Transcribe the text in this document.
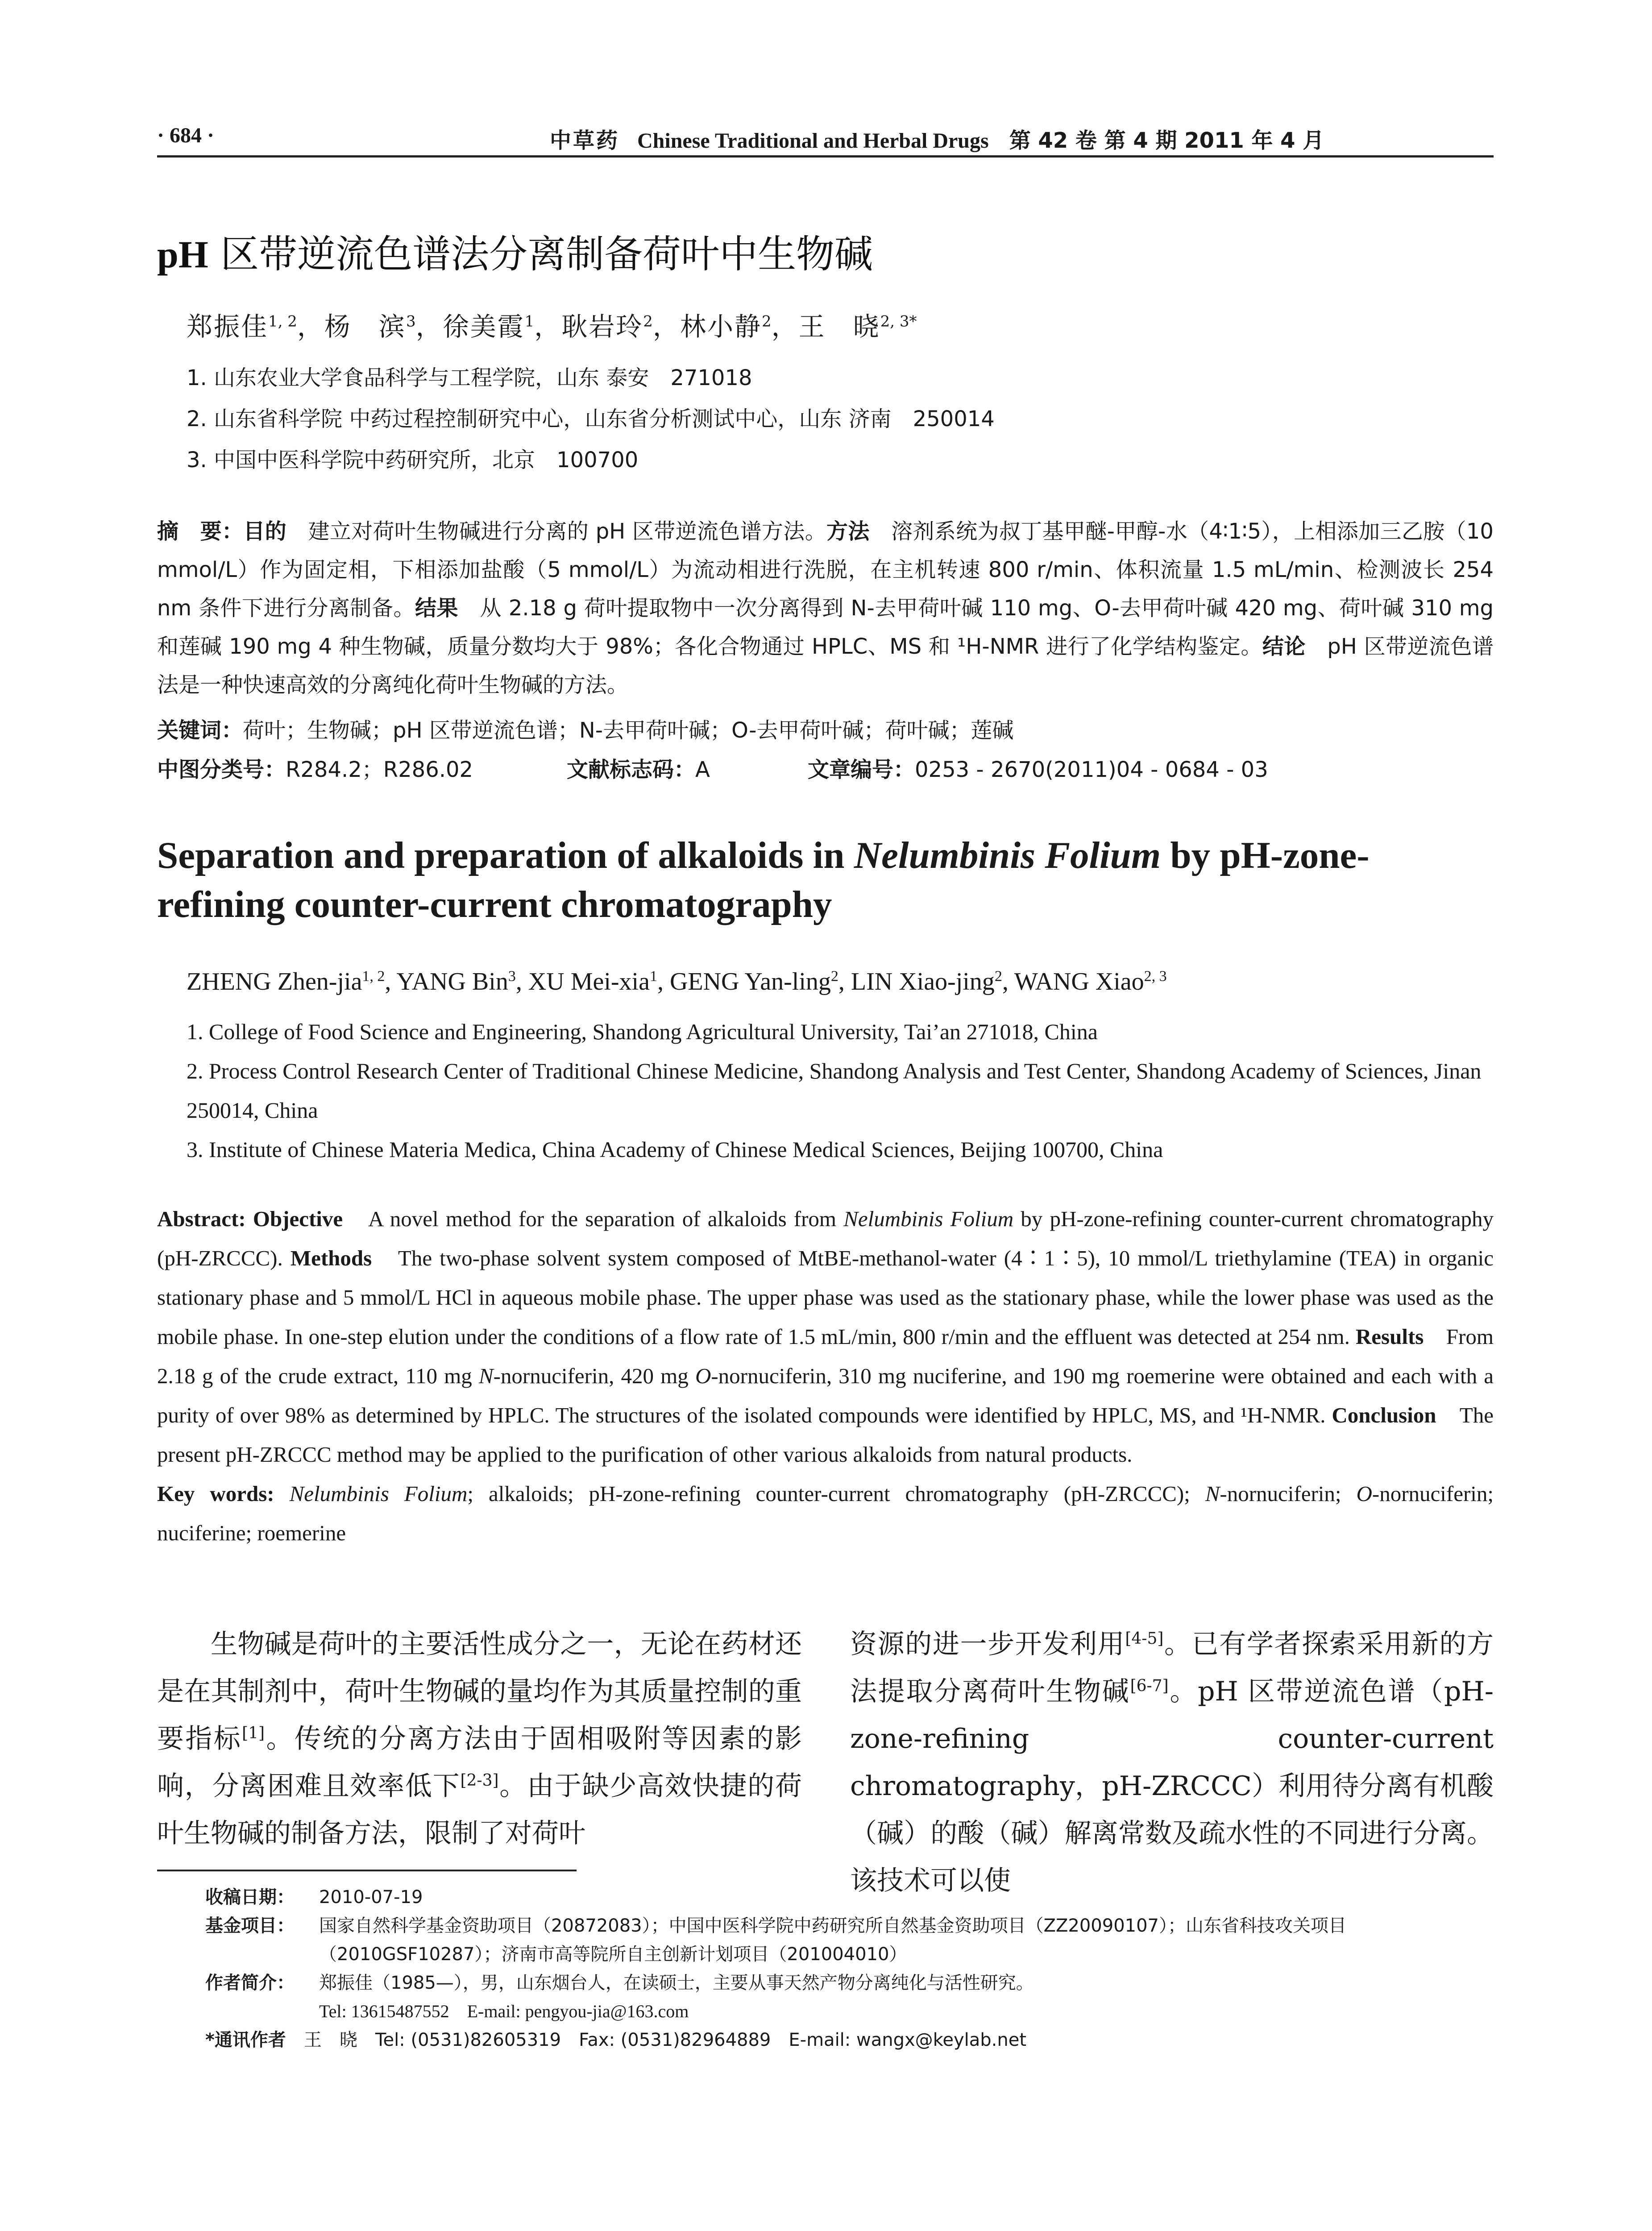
· 684 ·	中草药 Chinese Traditional and Herbal Drugs 第 42 卷 第 4 期 2011 年 4 月
pH 区带逆流色谱法分离制备荷叶中生物碱
郑振佳$^{1, 2}$，杨　滨$^3$，徐美霞$^1$，耿岩玲$^2$，林小静$^2$，王　晓$^{2, 3*}$
1. 山东农业大学食品科学与工程学院，山东 泰安　271018
2. 山东省科学院 中药过程控制研究中心，山东省分析测试中心，山东 济南　250014
3. 中国中医科学院中药研究所，北京　100700
摘　要：目的　建立对荷叶生物碱进行分离的 pH 区带逆流色谱方法。方法　溶剂系统为叔丁基甲醚-甲醇-水（4∶1∶5），上相添加三乙胺（10 mmol/L）作为固定相，下相添加盐酸（5 mmol/L）为流动相进行洗脱，在主机转速 800 r/min、体积流量 1.5 mL/min、检测波长 254 nm 条件下进行分离制备。结果　从 2.18 g 荷叶提取物中一次分离得到 N-去甲荷叶碱 110 mg、O-去甲荷叶碱 420 mg、荷叶碱 310 mg 和莲碱 190 mg 4 种生物碱，质量分数均大于 98%；各化合物通过 HPLC、MS 和 ¹H-NMR 进行了化学结构鉴定。结论　pH 区带逆流色谱法是一种快速高效的分离纯化荷叶生物碱的方法。
关键词：荷叶；生物碱；pH 区带逆流色谱；N-去甲荷叶碱；O-去甲荷叶碱；荷叶碱；莲碱
中图分类号：R284.2；R286.02	文献标志码：A	文章编号：0253 - 2670(2011)04 - 0684 - 03
Separation and preparation of alkaloids in Nelumbinis Folium by pH-zone-refining counter-current chromatography
ZHENG Zhen-jia$^{1, 2}$, YANG Bin$^3$, XU Mei-xia$^1$, GENG Yan-ling$^2$, LIN Xiao-jing$^2$, WANG Xiao$^{2, 3}$
1. College of Food Science and Engineering, Shandong Agricultural University, Tai’an 271018, China
2. Process Control Research Center of Traditional Chinese Medicine, Shandong Analysis and Test Center, Shandong Academy of Sciences, Jinan 250014, China
3. Institute of Chinese Materia Medica, China Academy of Chinese Medical Sciences, Beijing 100700, China
Abstract: Objective　A novel method for the separation of alkaloids from Nelumbinis Folium by pH-zone-refining counter-current chromatography (pH-ZRCCC). Methods　The two-phase solvent system composed of MtBE-methanol-water (4∶1∶5), 10 mmol/L triethylamine (TEA) in organic stationary phase and 5 mmol/L HCl in aqueous mobile phase. The upper phase was used as the stationary phase, while the lower phase was used as the mobile phase. In one-step elution under the conditions of a flow rate of 1.5 mL/min, 800 r/min and the effluent was detected at 254 nm. Results　From 2.18 g of the crude extract, 110 mg N-nornuciferin, 420 mg O-nornuciferin, 310 mg nuciferine, and 190 mg roemerine were obtained and each with a purity of over 98% as determined by HPLC. The structures of the isolated compounds were identified by HPLC, MS, and ¹H-NMR. Conclusion　The present pH-ZRCCC method may be applied to the purification of other various alkaloids from natural products.
Key words: Nelumbinis Folium; alkaloids; pH-zone-refining counter-current chromatography (pH-ZRCCC); N-nornuciferin; O-nornuciferin; nuciferine; roemerine
生物碱是荷叶的主要活性成分之一，无论在药材还是在其制剂中，荷叶生物碱的量均作为其质量控制的重要指标[1]。传统的分离方法由于固相吸附等因素的影响，分离困难且效率低下[2-3]。由于缺少高效快捷的荷叶生物碱的制备方法，限制了对荷叶
资源的进一步开发利用[4-5]。已有学者探索采用新的方法提取分离荷叶生物碱[6-7]。pH 区带逆流色谱（pH-zone-refining counter-current chromatography，pH-ZRCCC）利用待分离有机酸（碱）的酸（碱）解离常数及疏水性的不同进行分离。该技术可以使
收稿日期： 2010-07-19
基金项目： 国家自然科学基金资助项目（20872083）；中国中医科学院中药研究所自然基金资助项目（ZZ20090107）；山东省科技攻关项目
（2010GSF10287）；济南市高等院所自主创新计划项目（201004010）
作者简介： 郑振佳（1985—），男，山东烟台人，在读硕士，主要从事天然产物分离纯化与活性研究。
Tel: 13615487552　E-mail: pengyou-jia@163.com
*通讯作者　王　晓　Tel: (0531)82605319　Fax: (0531)82964889　E-mail: wangx@keylab.net
